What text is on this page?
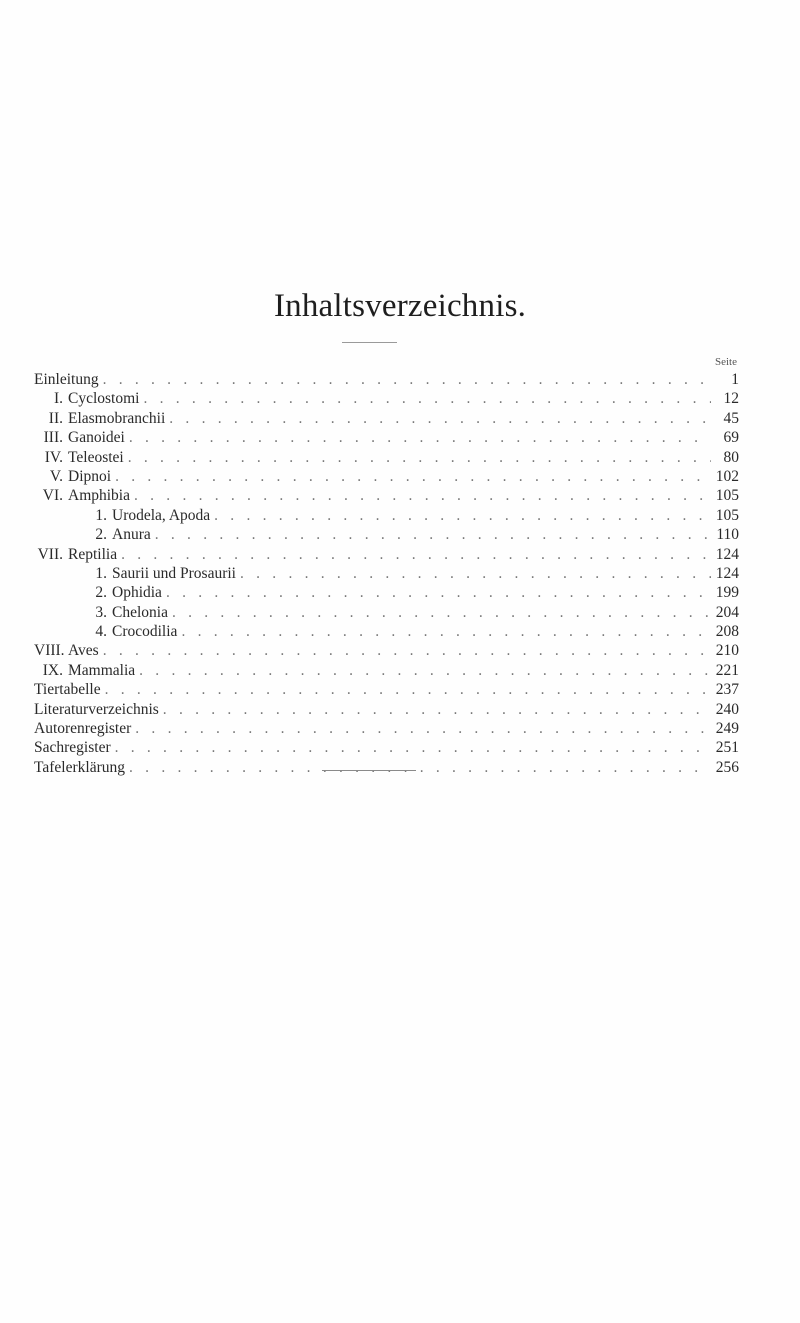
Inhaltsverzeichnis.
Seite
Einleitung . . .	1
I. Cyclostomi . . .	12
II. Elasmobranchii . . .	45
III. Ganoidei . . .	69
IV. Teleostei . . .	80
V. Dipnoi . . .	102
VI. Amphibia . . .	105
1. Urodela, Apoda . . .	105
2. Anura . . .	110
VII. Reptilia . . .	124
1. Saurii und Prosaurii . . .	124
2. Ophidia . . .	199
3. Chelonia . . .	204
4. Crocodilia . . .	208
VIII. Aves . . .	210
IX. Mammalia . . .	221
Tiertabelle . . .	237
Literaturverzeichnis . . .	240
Autorenregister . . .	249
Sachregister . . .	251
Tafelerklärung . . .	256
